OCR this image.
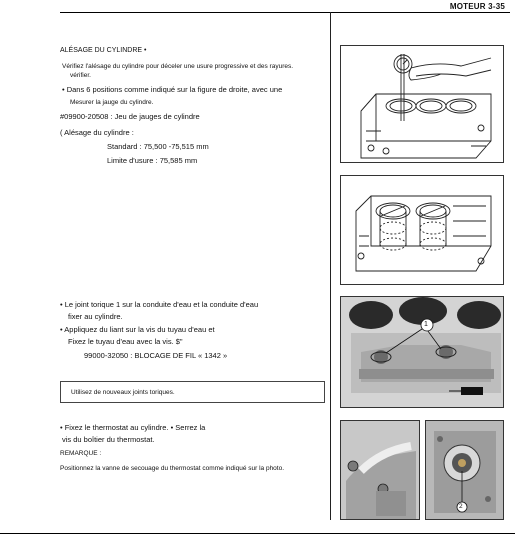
MOTEUR 3-35
ALÉSAGE DU CYLINDRE •
Vérifiez l'alésage du cylindre pour déceler une usure progressive et des rayures.
vérifier.
• Dans 6 positions comme indiqué sur la figure de droite, avec une
Mesurer la jauge du cylindre.
#09900-20508 : Jeu de jauges de cylindre
( Alésage du cylindre :
Standard : 75,500 -75,515 mm
Limite d'usure : 75,585 mm
• Le joint torique 1 sur la conduite d'eau et la conduite d'eau
fixer au cylindre.
• Appliquez du liant sur la vis du tuyau d'eau et
Fixez le tuyau d'eau avec la vis. $"
99000-32050 : BLOCAGE DE FIL « 1342 »
Utilisez de nouveaux joints toriques.
• Fixez le thermostat au cylindre. • Serrez la
vis du boîtier du thermostat.
REMARQUE :
Positionnez la vanne de secouage du thermostat comme indiqué sur la photo.
1
2
